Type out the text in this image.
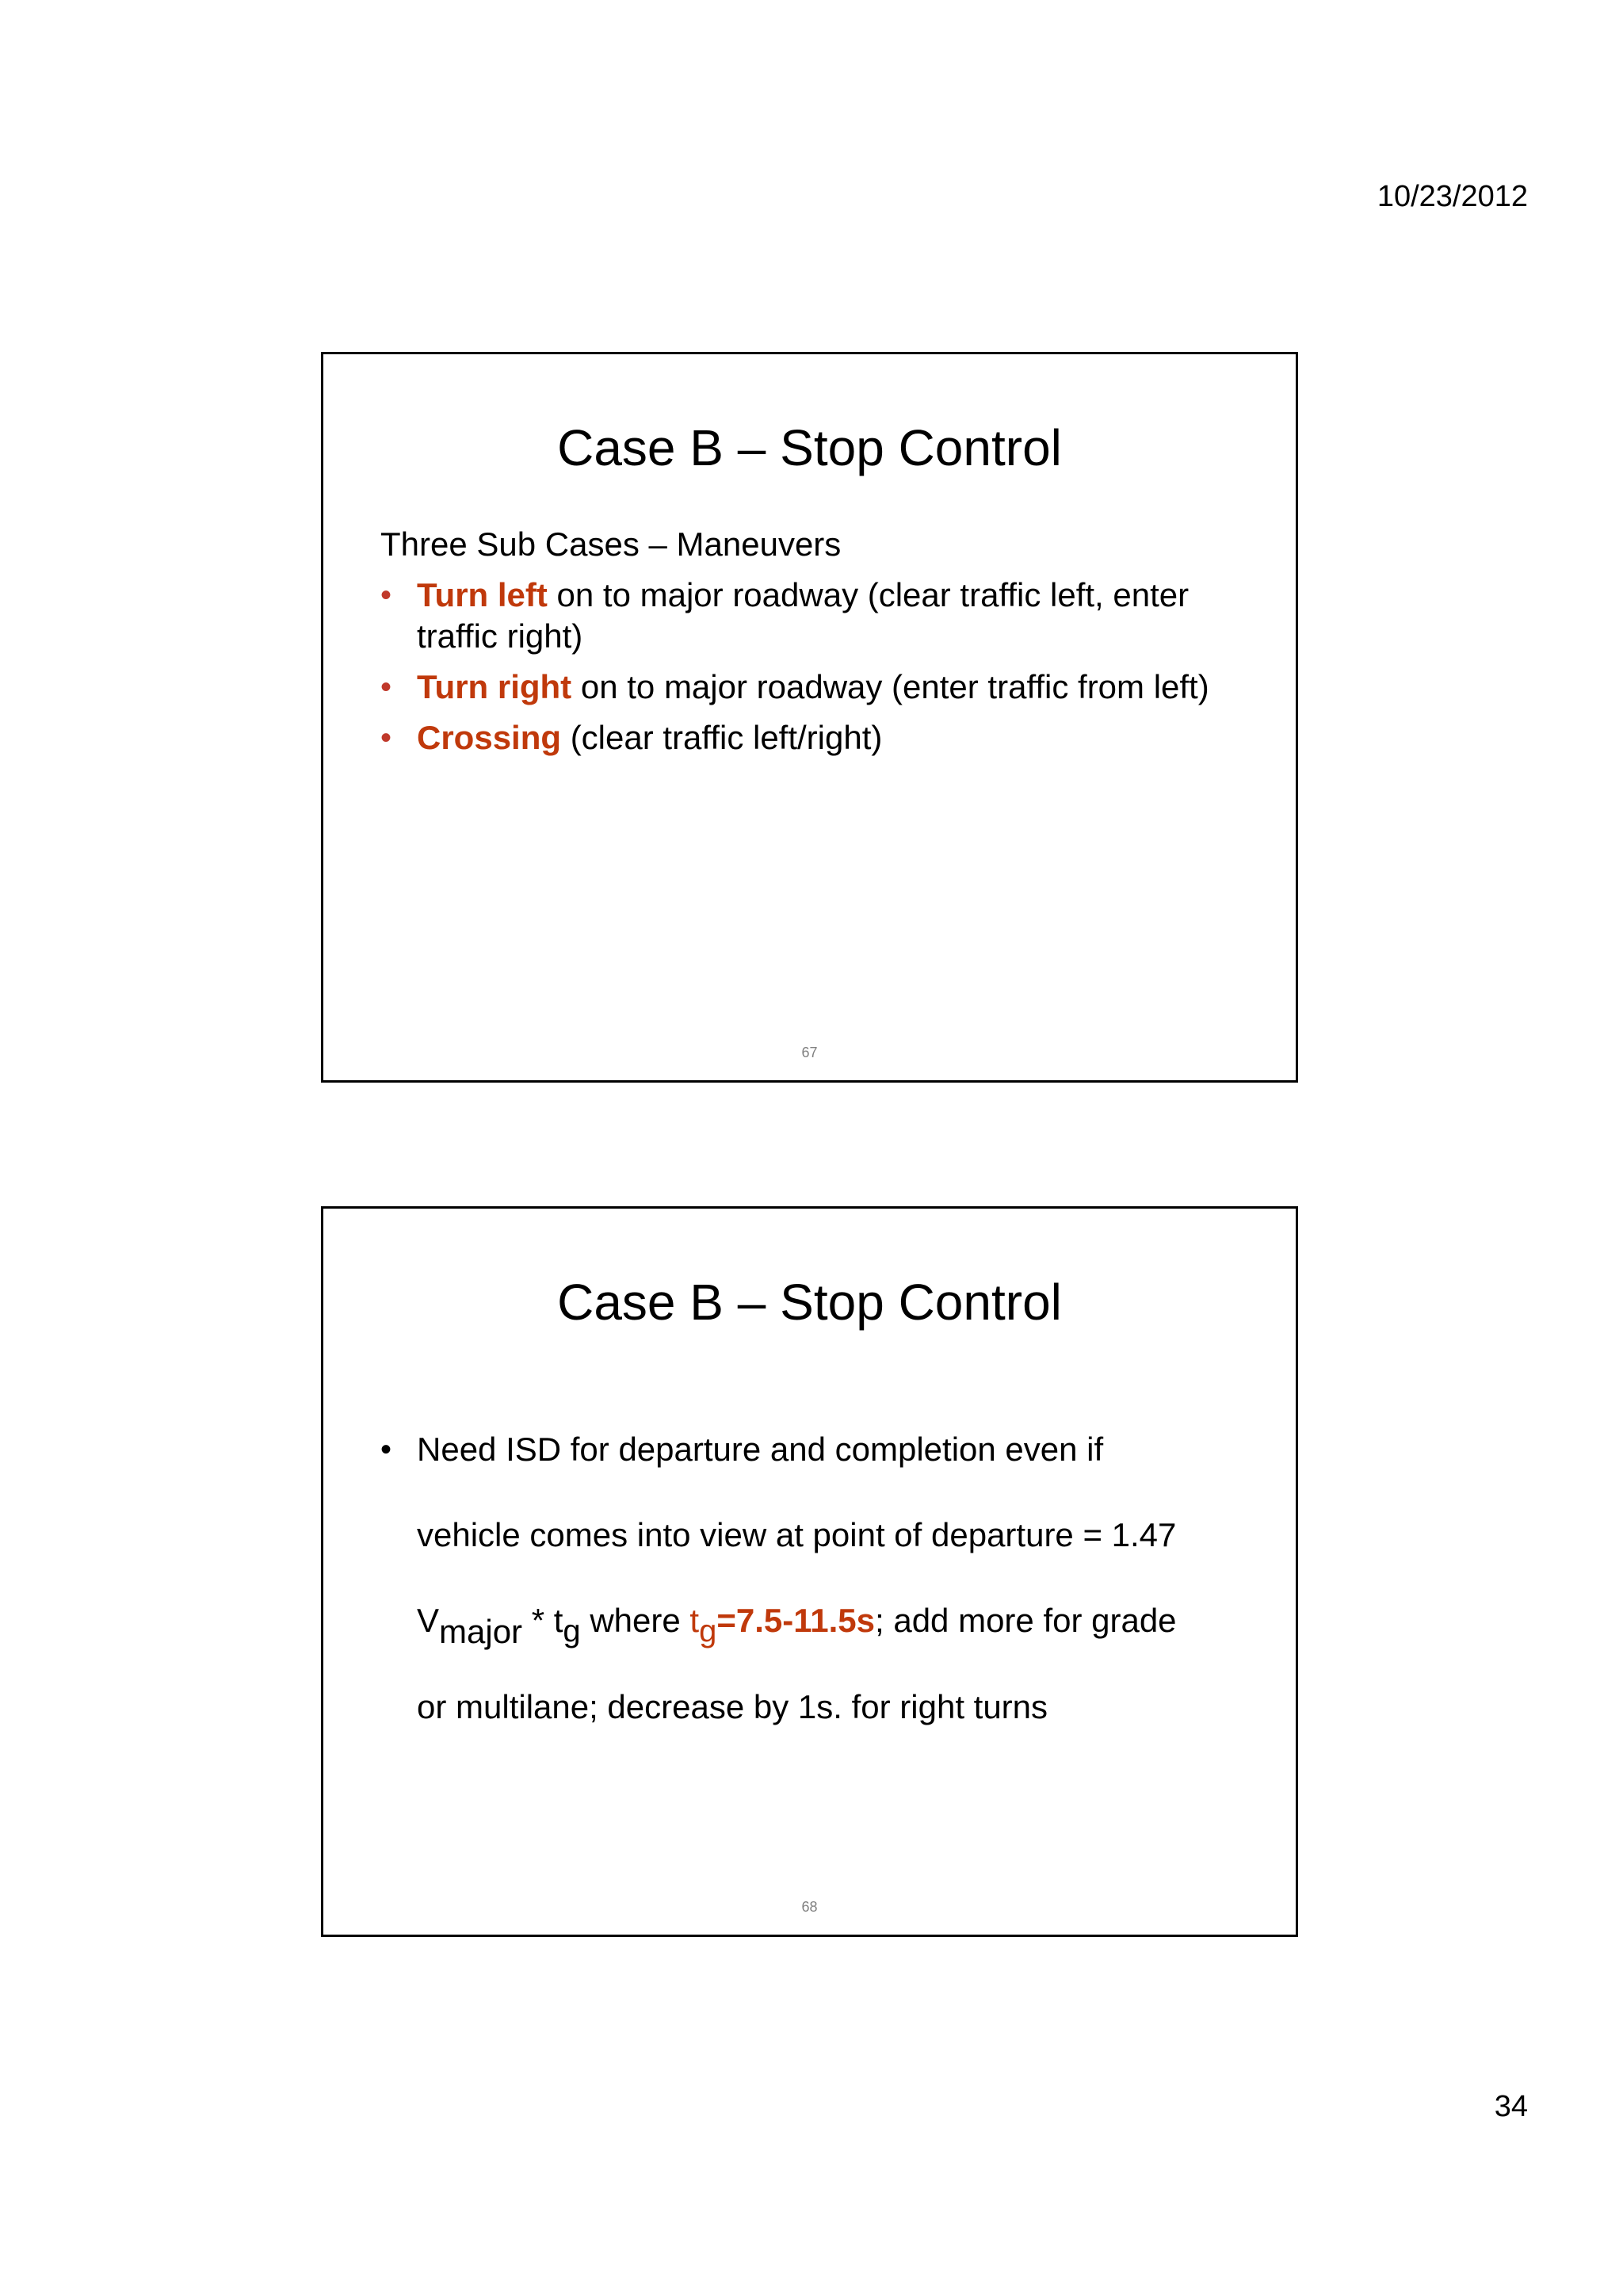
10/23/2012
Case B – Stop Control

Three Sub Cases – Maneuvers

• Turn left on to major roadway (clear traffic left, enter traffic right)
• Turn right on to major roadway (enter traffic from left)
• Crossing (clear traffic left/right)
67
Case B – Stop Control
• Need ISD for departure and completion even if
vehicle comes into view at point of departure = 1.47
Vmajor * tg where tg=7.5-11.5s; add more for grade
or multilane; decrease by 1s. for right turns
68
34
